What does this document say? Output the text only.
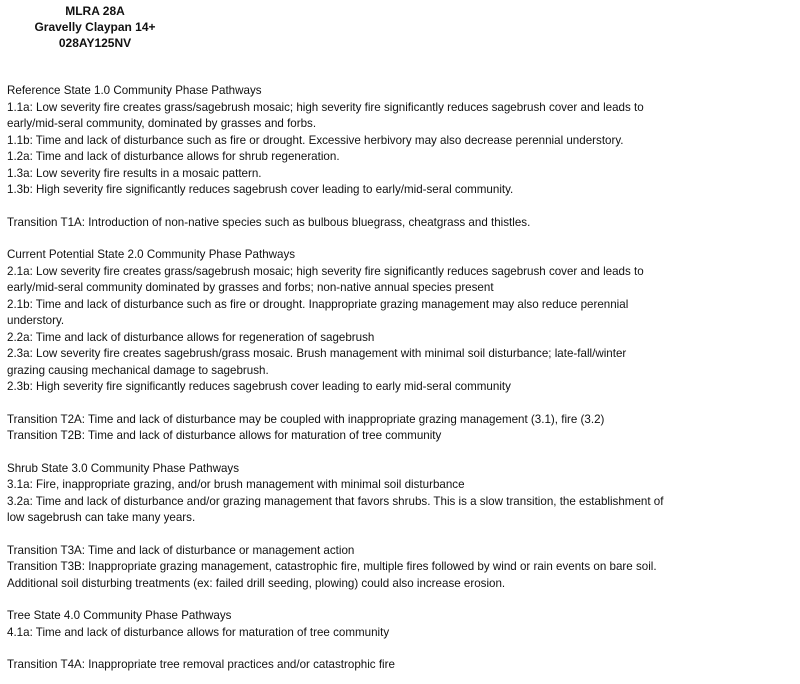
MLRA 28A
Gravelly Claypan 14+
028AY125NV
Reference State 1.0 Community Phase Pathways
1.1a: Low severity fire creates grass/sagebrush mosaic; high severity fire significantly reduces sagebrush cover and leads to
early/mid-seral community, dominated by grasses and forbs.
1.1b: Time and lack of disturbance such as fire or drought. Excessive herbivory may also decrease perennial understory.
1.2a: Time and lack of disturbance allows for shrub regeneration.
1.3a: Low severity fire results in a mosaic pattern.
1.3b: High severity fire significantly reduces sagebrush cover leading to early/mid-seral community.
Transition T1A: Introduction of non-native species such as bulbous bluegrass, cheatgrass and thistles.
Current Potential State 2.0 Community Phase Pathways
2.1a: Low severity fire creates grass/sagebrush mosaic; high severity fire significantly reduces sagebrush cover and leads to
early/mid-seral community dominated by grasses and forbs; non-native annual species present
2.1b: Time and lack of disturbance such as fire or drought. Inappropriate grazing management may also reduce perennial
understory.
2.2a: Time and lack of disturbance allows for regeneration of sagebrush
2.3a: Low severity fire creates sagebrush/grass mosaic. Brush management with minimal soil disturbance; late-fall/winter
grazing causing mechanical damage to sagebrush.
2.3b: High severity fire significantly reduces sagebrush cover leading to early mid-seral community
Transition T2A: Time and lack of disturbance may be coupled with inappropriate grazing management (3.1), fire (3.2)
Transition T2B: Time and lack of disturbance allows for maturation of tree community
Shrub State 3.0 Community Phase Pathways
3.1a: Fire, inappropriate grazing, and/or brush management with minimal soil disturbance
3.2a: Time and lack of disturbance and/or grazing management that favors shrubs. This is a slow transition, the establishment of
low sagebrush can take many years.
Transition T3A: Time and lack of disturbance or management action
Transition T3B: Inappropriate grazing management, catastrophic fire, multiple fires followed by wind or rain events on bare soil.
Additional soil disturbing treatments (ex: failed drill seeding, plowing) could also increase erosion.
Tree State 4.0 Community Phase Pathways
4.1a: Time and lack of disturbance allows for maturation of tree community
Transition T4A: Inappropriate tree removal practices and/or catastrophic fire
